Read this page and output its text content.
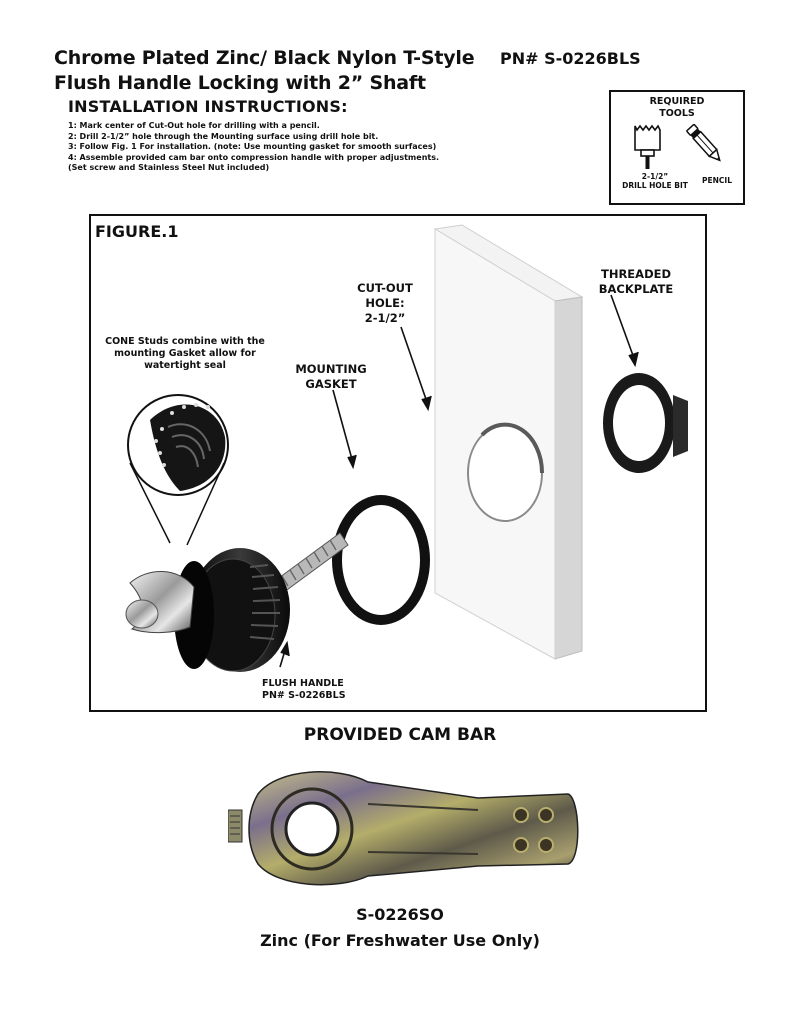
Chrome Plated Zinc/ Black Nylon T-Style PN# S-0226BLS
Flush Handle Locking with 2” Shaft
INSTALLATION INSTRUCTIONS:
1: Mark center of Cut-Out hole for drilling with a pencil.
2: Drill 2-1/2” hole through the Mounting surface using drill hole bit.
3: Follow Fig. 1 For installation. (note: Use mounting gasket for smooth surfaces)
4: Assemble provided cam bar onto compression handle with proper adjustments.
(Set screw and Stainless Steel Nut included)
REQUIRED
TOOLS
2-1/2”
DRILL HOLE BIT
PENCIL
FIGURE.1
CONE Studs combine with the
mounting Gasket allow for
watertight seal	MOUNTING
GASKET
CUT-OUT
HOLE:
2-1/2”
THREADED
BACKPLATE
FLUSH HANDLE
PN# S-0226BLS
PROVIDED CAM BAR
S-0226SO
Zinc (For Freshwater Use Only)
